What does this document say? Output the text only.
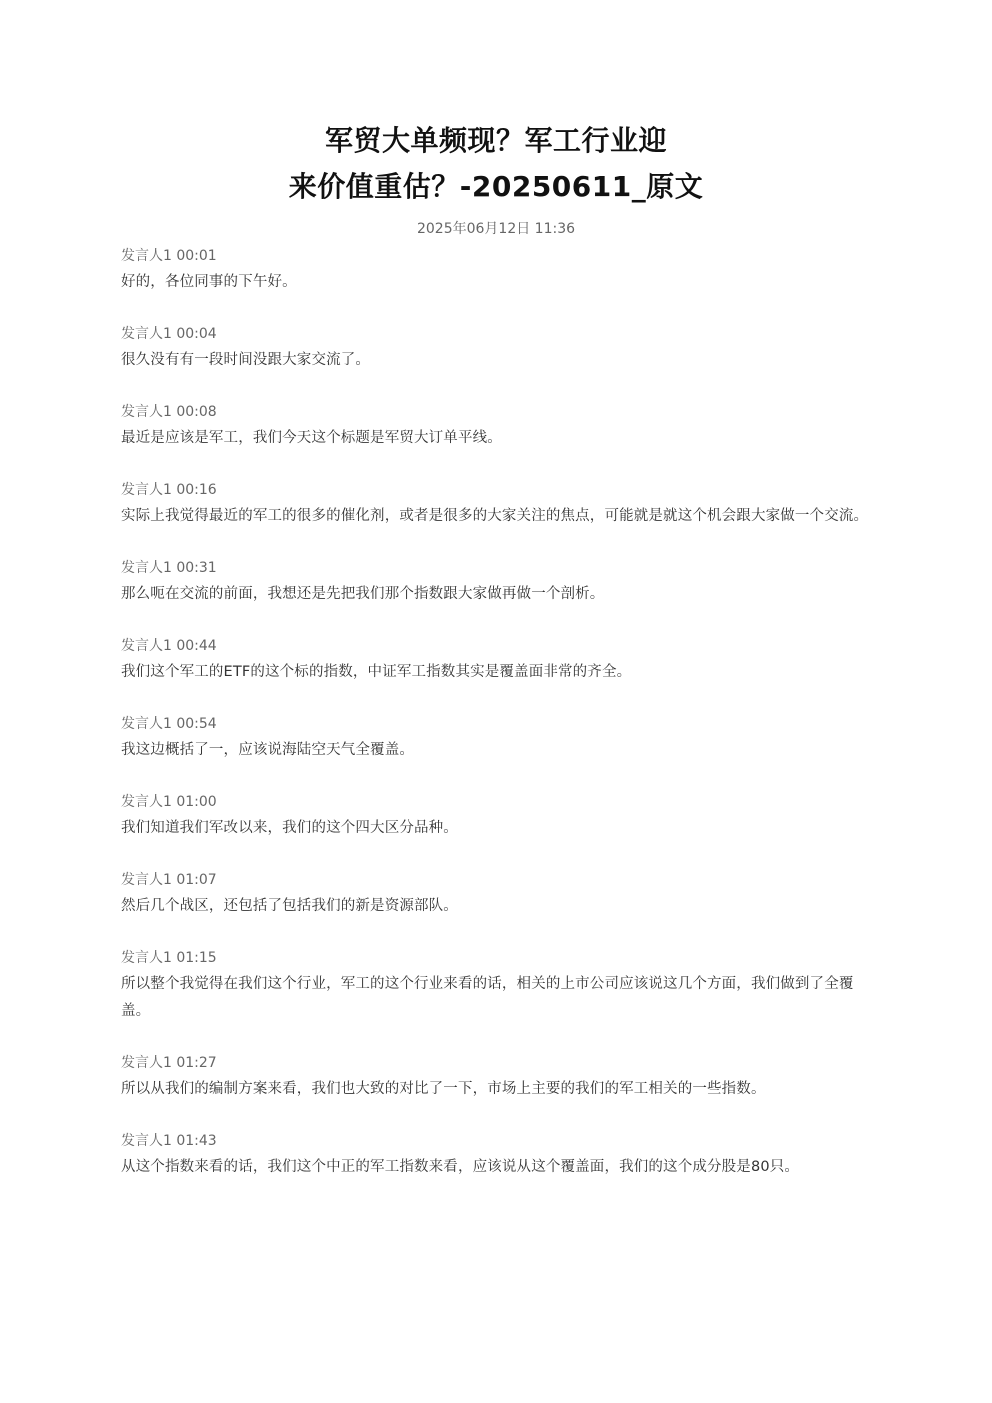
军贸大单频现？军工行业迎
来价值重估？-20250611_原文
2025年06月12日 11:36
发言人1 00:01
好的，各位同事的下午好。
发言人1 00:04
很久没有有一段时间没跟大家交流了。
发言人1 00:08
最近是应该是军工，我们今天这个标题是军贸大订单平线。
发言人1 00:16
实际上我觉得最近的军工的很多的催化剂，或者是很多的大家关注的焦点，可能就是就这个机会跟大家做一个交流。
发言人1 00:31
那么呃在交流的前面，我想还是先把我们那个指数跟大家做再做一个剖析。
发言人1 00:44
我们这个军工的ETF的这个标的指数，中证军工指数其实是覆盖面非常的齐全。
发言人1 00:54
我这边概括了一，应该说海陆空天气全覆盖。
发言人1 01:00
我们知道我们军改以来，我们的这个四大区分品种。
发言人1 01:07
然后几个战区，还包括了包括我们的新是资源部队。
发言人1 01:15
所以整个我觉得在我们这个行业，军工的这个行业来看的话，相关的上市公司应该说这几个方面，我们做到了全覆盖。
发言人1 01:27
所以从我们的编制方案来看，我们也大致的对比了一下，市场上主要的我们的军工相关的一些指数。
发言人1 01:43
从这个指数来看的话，我们这个中正的军工指数来看，应该说从这个覆盖面，我们的这个成分股是80只。
